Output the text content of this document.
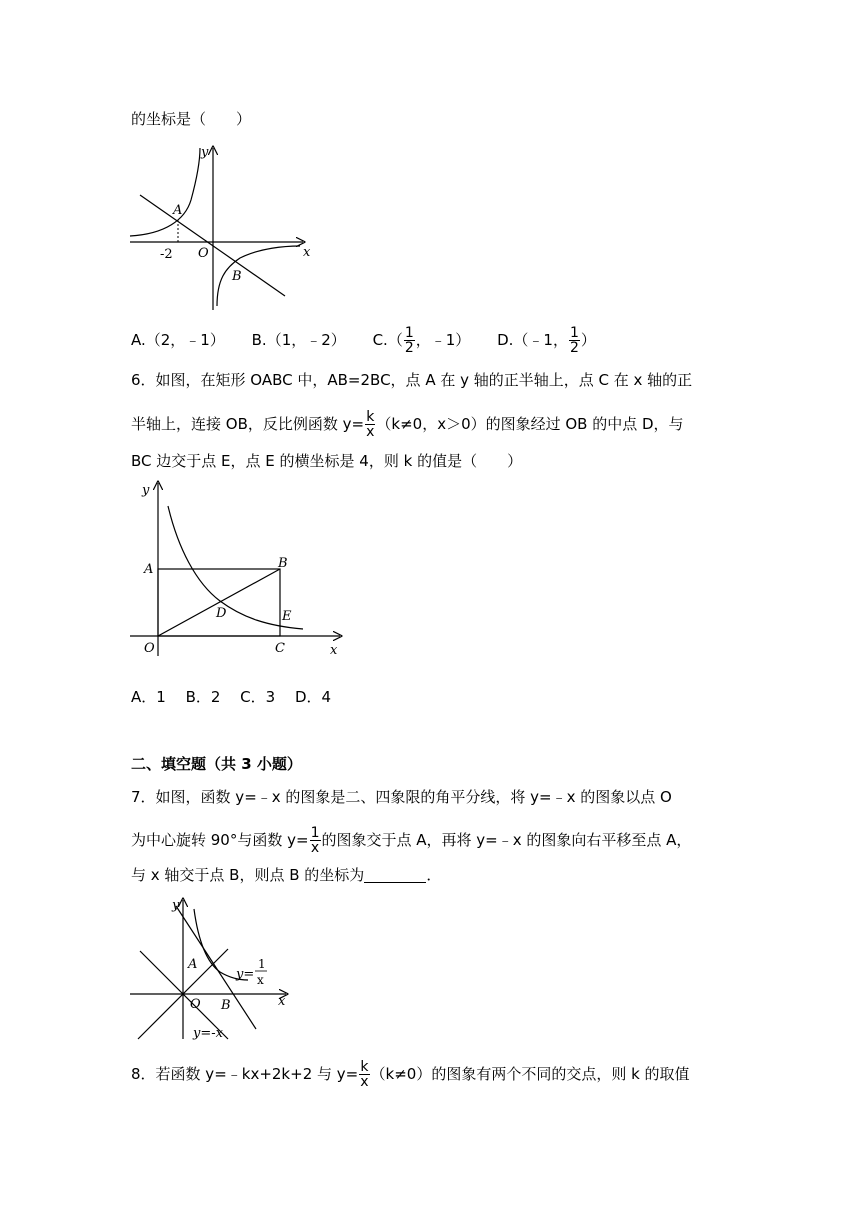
的坐标是（　　）
y
x
A
B
O
-2
A.（2，﹣1） B.（1，﹣2） $C.( \frac{1}{2}$ ，﹣1） D.（﹣1， $\frac{1}{2}$ ）
6．如图，在矩形 OABC 中，AB=2BC，点 A 在 y 轴的正半轴上，点 C 在 x 轴的正
半轴上，连接 OB，反比例函数 $y= \frac{k}{x} (k\ne 0$，x＞0）的图象经过 OB 的中点 D，与
BC 边交于点 E，点 E 的横坐标是 4，则 k 的值是（　　）
y
x
A	B
C
D	E
O
A．1　 B．2　 C．3　 D．4
二、填空题（共 3 小题）
7．如图，函数 y=﹣x 的图象是二、四象限的角平分线，将 y=﹣x 的图象以点 O
为中心旋转 90°与函数 $y= \frac{1}{x}$ 的图象交于点 A，再将 y=﹣x 的图象向右平移至点 A，
与 x 轴交于点 B，则点 B 的坐标为	．
y
x
A
B
O
y=
1
x
y=-x
8．若函数 y=﹣kx+2k+2 与 $y= \frac{k}{x} (k\ne 0)$的图象有两个不同的交点，则 k 的取值
